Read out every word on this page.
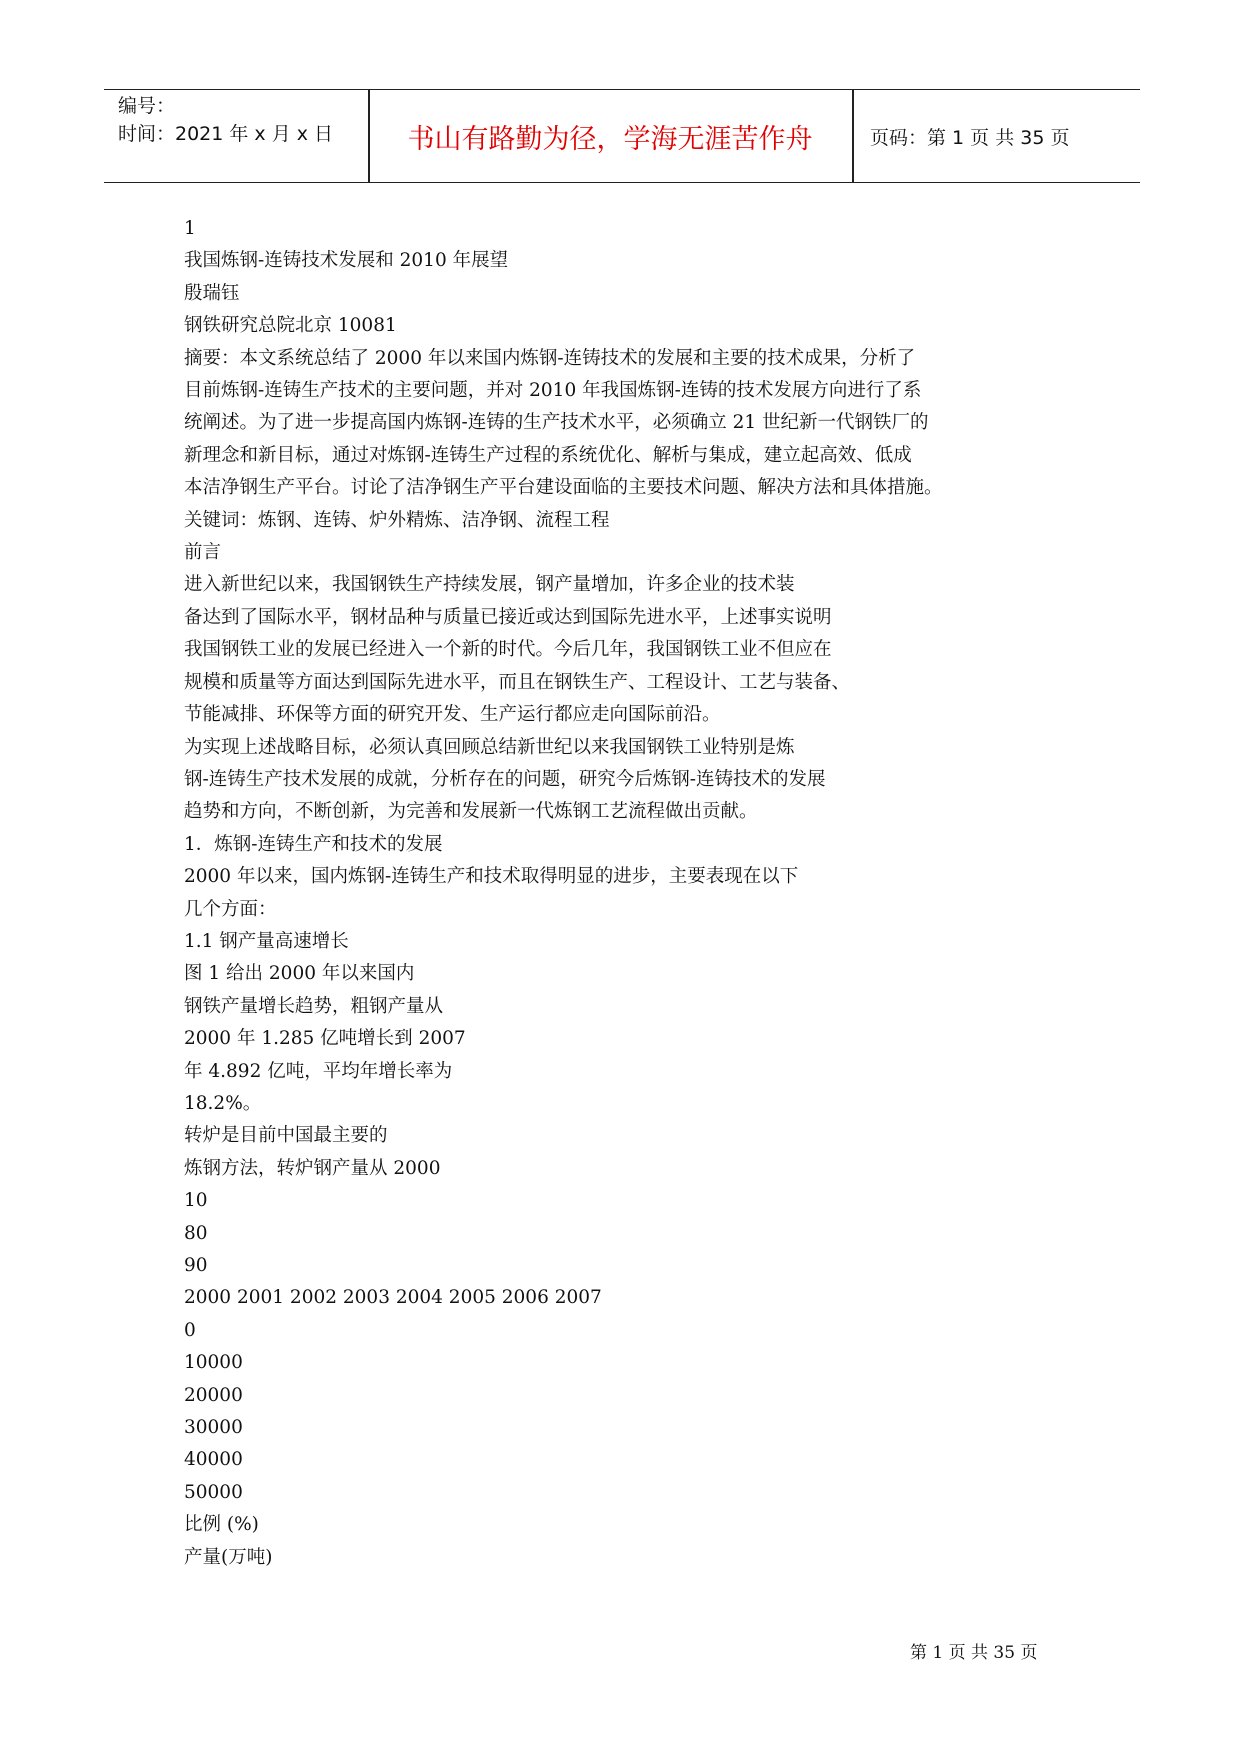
编号：
时间：2021 年 x 月 x 日	书山有路勤为径，学海无涯苦作舟	页码：第 1 页 共 35 页
1
我国炼钢-连铸技术发展和 2010 年展望
殷瑞钰
钢铁研究总院北京 10081
摘要：本文系统总结了 2000 年以来国内炼钢-连铸技术的发展和主要的技术成果，分析了
目前炼钢-连铸生产技术的主要问题，并对 2010 年我国炼钢-连铸的技术发展方向进行了系
统阐述。为了进一步提高国内炼钢-连铸的生产技术水平，必须确立 21 世纪新一代钢铁厂的
新理念和新目标，通过对炼钢-连铸生产过程的系统优化、解析与集成，建立起高效、低成
本洁净钢生产平台。讨论了洁净钢生产平台建设面临的主要技术问题、解决方法和具体措施。
关键词：炼钢、连铸、炉外精炼、洁净钢、流程工程
前言
进入新世纪以来，我国钢铁生产持续发展，钢产量增加，许多企业的技术装
备达到了国际水平，钢材品种与质量已接近或达到国际先进水平，上述事实说明
我国钢铁工业的发展已经进入一个新的时代。今后几年，我国钢铁工业不但应在
规模和质量等方面达到国际先进水平，而且在钢铁生产、工程设计、工艺与装备、
节能减排、环保等方面的研究开发、生产运行都应走向国际前沿。
为实现上述战略目标，必须认真回顾总结新世纪以来我国钢铁工业特别是炼
钢-连铸生产技术发展的成就，分析存在的问题，研究今后炼钢-连铸技术的发展
趋势和方向，不断创新，为完善和发展新一代炼钢工艺流程做出贡献。
1．炼钢-连铸生产和技术的发展
2000 年以来，国内炼钢-连铸生产和技术取得明显的进步，主要表现在以下
几个方面：
1.1 钢产量高速增长
图 1 给出 2000 年以来国内
钢铁产量增长趋势，粗钢产量从
2000 年 1.285 亿吨增长到 2007
年 4.892 亿吨，平均年增长率为
18.2%。
转炉是目前中国最主要的
炼钢方法，转炉钢产量从 2000
10
80
90
2000 2001 2002 2003 2004 2005 2006 2007
0
10000
20000
30000
40000
50000
比例 (%)
产量(万吨)
第 1 页 共 35 页
